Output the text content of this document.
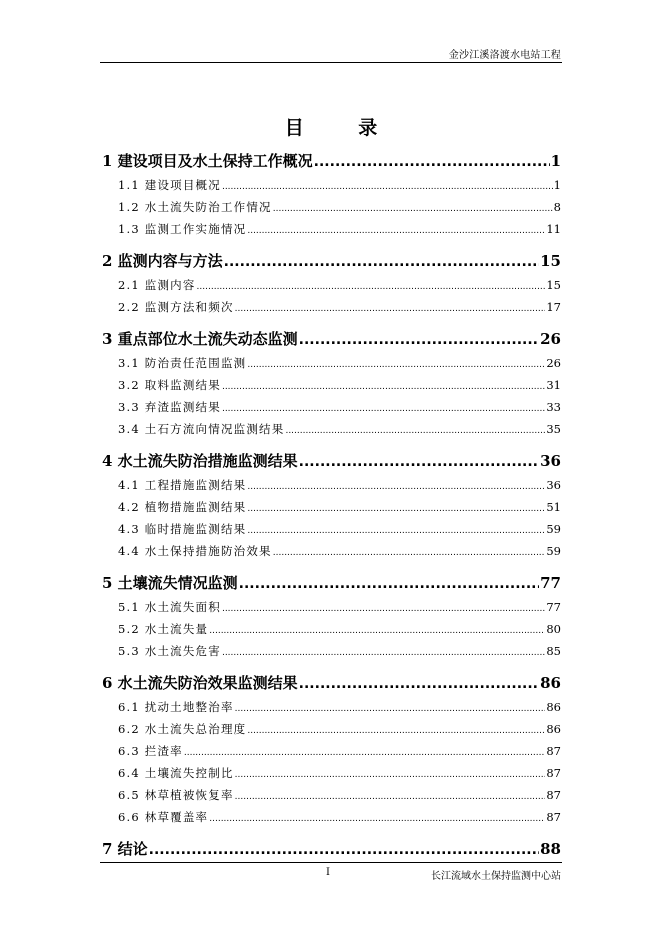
金沙江溪洛渡水电站工程
目 录
1 建设项目及水土保持工作概况 .....	1
1.1 建设项目概况 .....	1
1.2 水土流失防治工作情况 .....	8
1.3 监测工作实施情况 .....	11
2 监测内容与方法 .....	15
2.1 监测内容 .....	15
2.2 监测方法和频次 .....	17
3 重点部位水土流失动态监测 .....	26
3.1 防治责任范围监测 .....	26
3.2 取料监测结果 .....	31
3.3 弃渣监测结果 .....	33
3.4 土石方流向情况监测结果 .....	35
4 水土流失防治措施监测结果 .....	36
4.1 工程措施监测结果 .....	36
4.2 植物措施监测结果 .....	51
4.3 临时措施监测结果 .....	59
4.4 水土保持措施防治效果 .....	59
5 土壤流失情况监测 .....	77
5.1 水土流失面积 .....	77
5.2 水土流失量 .....	80
5.3 水土流失危害 .....	85
6 水土流失防治效果监测结果 .....	86
6.1 扰动土地整治率 .....	86
6.2 水土流失总治理度 .....	86
6.3 拦渣率 .....	87
6.4 土壤流失控制比 .....	87
6.5 林草植被恢复率 .....	87
6.6 林草覆盖率 .....	87
7 结论 .....	88
I	长江流域水土保持监测中心站
